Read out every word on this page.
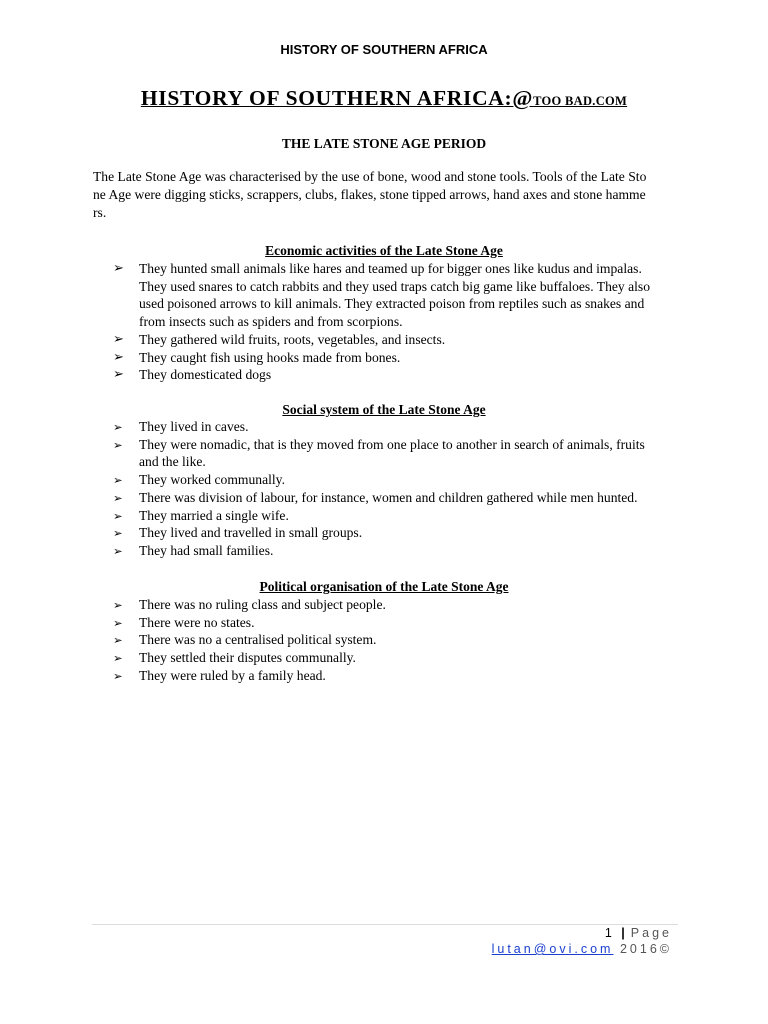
HISTORY OF SOUTHERN AFRICA
HISTORY OF SOUTHERN AFRICA:@TOO BAD.COM
THE LATE STONE AGE PERIOD
The Late Stone Age was characterised by the use of bone, wood and stone tools. Tools of the Late Sto
ne Age were digging sticks, scrappers, clubs, flakes, stone tipped arrows, hand axes and stone hamme
rs.
Economic activities of the Late Stone Age
➢ They hunted small animals like hares and teamed up for bigger ones like kudus and impalas.
They used snares to catch rabbits and they used traps catch big game like buffaloes. They also
used poisoned arrows to kill animals. They extracted poison from reptiles such as snakes and
from insects such as spiders and from scorpions.
➢ They gathered wild fruits, roots, vegetables, and insects.
➢ They caught fish using hooks made from bones.
➢ They domesticated dogs
Social system of the Late Stone Age
➢ They lived in caves.
➢ They were nomadic, that is they moved from one place to another in search of animals, fruits
and the like.
➢ They worked communally.
➢ There was division of labour, for instance, women and children gathered while men hunted.
➢ They married a single wife.
➢ They lived and travelled in small groups.
➢ They had small families.
Political organisation of the Late Stone Age
➢ There was no ruling class and subject people.
➢ There were no states.
➢ There was no a centralised political system.
➢ They settled their disputes communally.
➢ They were ruled by a family head.
1 |Page
lutan@ovi.com 2016©
